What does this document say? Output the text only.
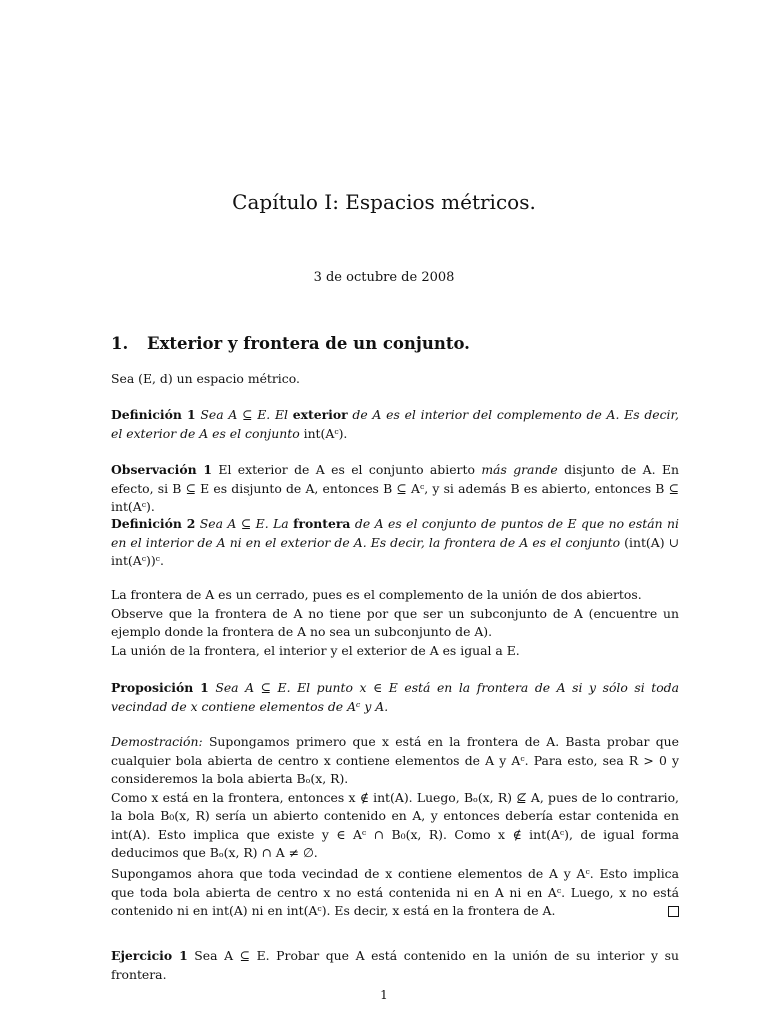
Capítulo I: Espacios métricos.
3 de octubre de 2008
1. Exterior y frontera de un conjunto.

Sea (E, d) un espacio métrico.

Definición 1 Sea A ⊆ E. El exterior de A es el interior del complemento de A. Es decir, el exterior de A es el conjunto int(Aᶜ).

Observación 1 El exterior de A es el conjunto abierto más grande disjunto de A. En efecto, si B ⊆ E es disjunto de A, entonces B ⊆ Aᶜ, y si además B es abierto, entonces B ⊆ int(Aᶜ).

Definición 2 Sea A ⊆ E. La frontera de A es el conjunto de puntos de E que no están ni en el interior de A ni en el exterior de A. Es decir, la frontera de A es el conjunto (int(A) ∪ int(Aᶜ))ᶜ.

La frontera de A es un cerrado, pues es el complemento de la unión de dos abiertos.
Observe que la frontera de A no tiene por que ser un subconjunto de A (encuentre un ejemplo donde la frontera de A no sea un subconjunto de A).
La unión de la frontera, el interior y el exterior de A es igual a E.

Proposición 1 Sea A ⊆ E. El punto x ∈ E está en la frontera de A si y sólo si toda vecindad de x contiene elementos de Aᶜ y A.

Demostración: Supongamos primero que x está en la frontera de A. Basta probar que cualquier bola abierta de centro x contiene elementos de A y Aᶜ. Para esto, sea R > 0 y consideremos la bola abierta Bₒ(x, R).
Como x está en la frontera, entonces x ∉ int(A). Luego, Bₒ(x, R) ⊈ A, pues de lo contrario, la bola B₀(x, R) sería un abierto contenido en A, y entonces debería estar contenida en int(A). Esto implica que existe y ∈ Aᶜ ∩ B₀(x, R). Como x ∉ int(Aᶜ), de igual forma deducimos que Bₒ(x, R) ∩ A ≠ ∅.

Supongamos ahora que toda vecindad de x contiene elementos de A y Aᶜ. Esto implica que toda bola abierta de centro x no está contenida ni en A ni en Aᶜ. Luego, x no está contenido ni en int(A) ni en int(Aᶜ). Es decir, x está en la frontera de A.

Ejercicio 1 Sea A ⊆ E. Probar que A está contenido en la unión de su interior y su frontera.

1
